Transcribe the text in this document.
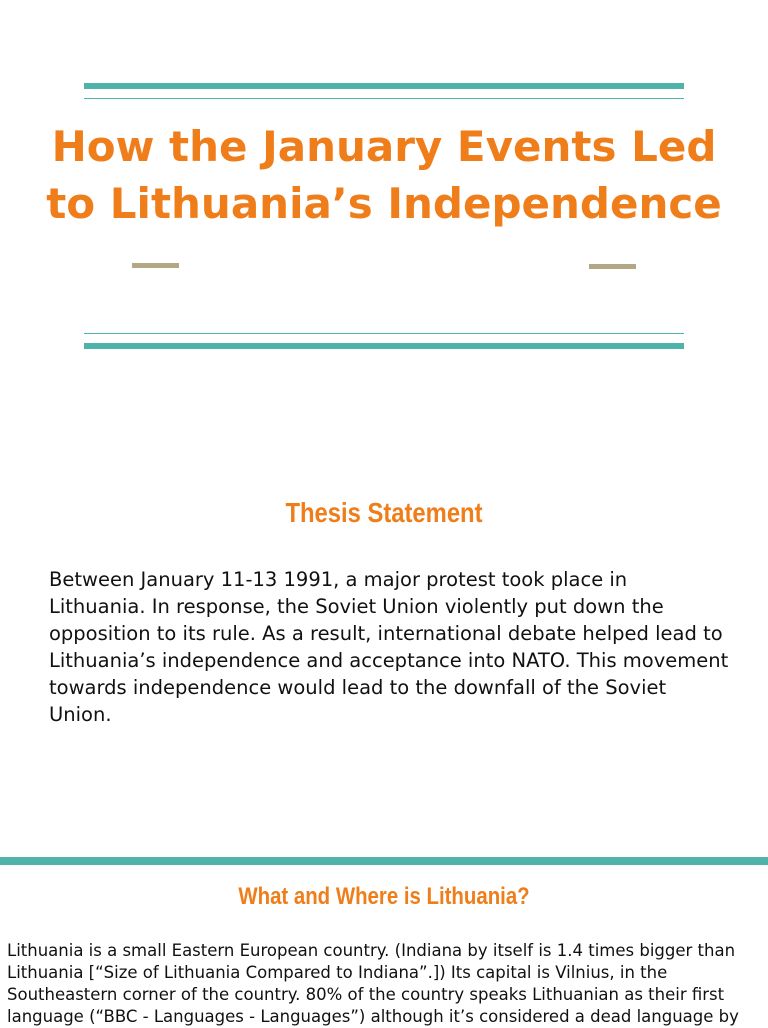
How the January Events Led
to Lithuania’s Independence
Thesis Statement

Between January 11-13 1991, a major protest took place in Lithuania. In response, the Soviet Union violently put down the opposition to its rule. As a result, international debate helped lead to Lithuania’s independence and acceptance into NATO. This movement towards independence would lead to the downfall of the Soviet Union.

What and Where is Lithuania?

Lithuania is a small Eastern European country. (Indiana by itself is 1.4 times bigger than Lithuania [“Size of Lithuania Compared to Indiana”.]) Its capital is Vilnius, in the Southeastern corner of the country. 80% of the country speaks Lithuanian as their first language (“BBC - Languages - Languages”) although it’s considered a dead language by
